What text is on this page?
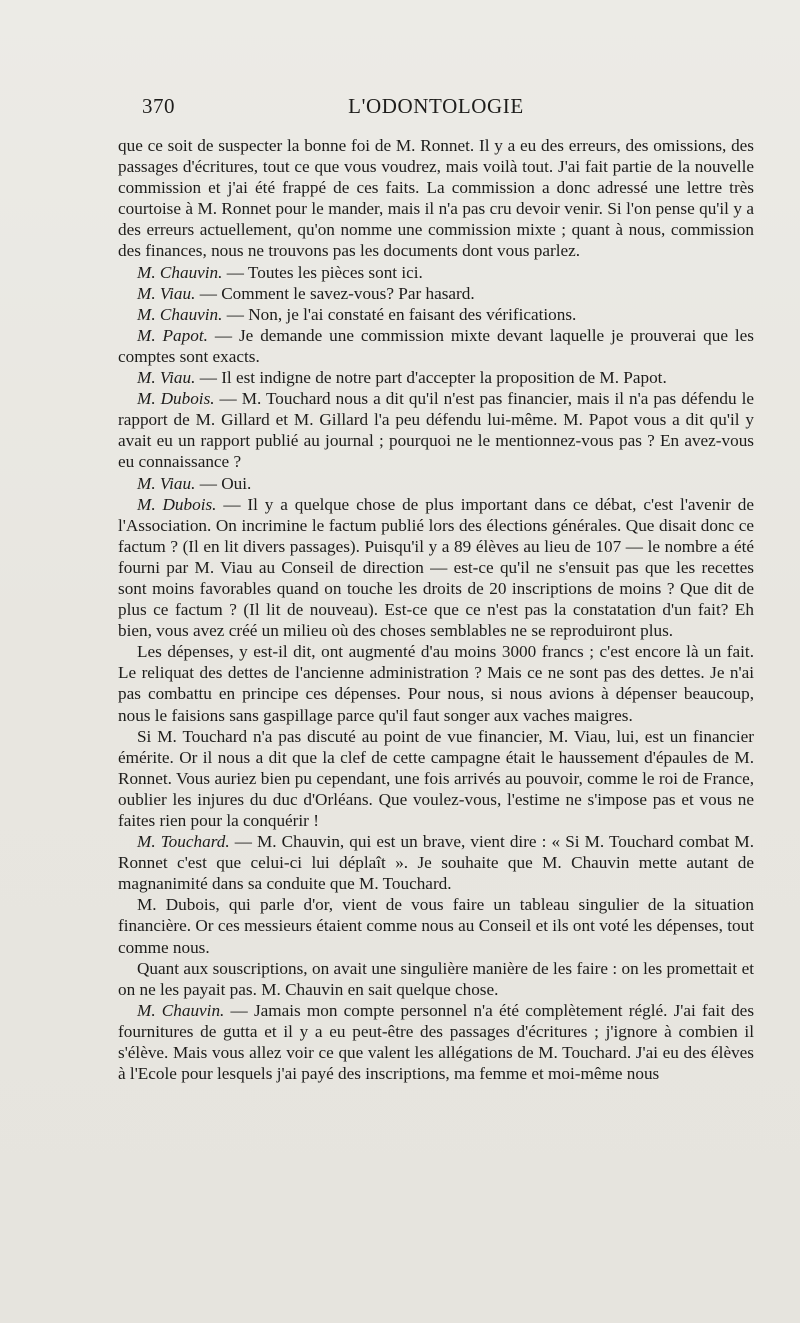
370	L'ODONTOLOGIE

que ce soit de suspecter la bonne foi de M. Ronnet. Il y a eu des erreurs, des omissions, des passages d'écritures, tout ce que vous voudrez, mais voilà tout. J'ai fait partie de la nouvelle commission et j'ai été frappé de ces faits. La commission a donc adressé une lettre très courtoise à M. Ronnet pour le mander, mais il n'a pas cru devoir venir. Si l'on pense qu'il y a des erreurs actuellement, qu'on nomme une commission mixte ; quant à nous, commission des finances, nous ne trouvons pas les documents dont vous parlez.

M. Chauvin. — Toutes les pièces sont ici.

M. Viau. — Comment le savez-vous? Par hasard.

M. Chauvin. — Non, je l'ai constaté en faisant des vérifications.

M. Papot. — Je demande une commission mixte devant laquelle je prouverai que les comptes sont exacts.

M. Viau. — Il est indigne de notre part d'accepter la proposition de M. Papot.

M. Dubois. — M. Touchard nous a dit qu'il n'est pas financier, mais il n'a pas défendu le rapport de M. Gillard et M. Gillard l'a peu défendu lui-même. M. Papot vous a dit qu'il y avait eu un rapport publié au journal ; pourquoi ne le mentionnez-vous pas ? En avez-vous eu connaissance ?

M. Viau. — Oui.

M. Dubois. — Il y a quelque chose de plus important dans ce débat, c'est l'avenir de l'Association. On incrimine le factum publié lors des élections générales. Que disait donc ce factum ? (Il en lit divers passages). Puisqu'il y a 89 élèves au lieu de 107 — le nombre a été fourni par M. Viau au Conseil de direction — est-ce qu'il ne s'ensuit pas que les recettes sont moins favorables quand on touche les droits de 20 inscriptions de moins ? Que dit de plus ce factum ? (Il lit de nouveau). Est-ce que ce n'est pas la constatation d'un fait? Eh bien, vous avez créé un milieu où des choses semblables ne se reproduiront plus.

Les dépenses, y est-il dit, ont augmenté d'au moins 3000 francs ; c'est encore là un fait. Le reliquat des dettes de l'ancienne administration ? Mais ce ne sont pas des dettes. Je n'ai pas combattu en principe ces dépenses. Pour nous, si nous avions à dépenser beaucoup, nous le faisions sans gaspillage parce qu'il faut songer aux vaches maigres.

Si M. Touchard n'a pas discuté au point de vue financier, M. Viau, lui, est un financier émérite. Or il nous a dit que la clef de cette campagne était le haussement d'épaules de M. Ronnet. Vous auriez bien pu cependant, une fois arrivés au pouvoir, comme le roi de France, oublier les injures du duc d'Orléans. Que voulez-vous, l'estime ne s'impose pas et vous ne faites rien pour la conquérir !

M. Touchard. — M. Chauvin, qui est un brave, vient dire : « Si M. Touchard combat M. Ronnet c'est que celui-ci lui déplaît ». Je souhaite que M. Chauvin mette autant de magnanimité dans sa conduite que M. Touchard.

M. Dubois, qui parle d'or, vient de vous faire un tableau singulier de la situation financière. Or ces messieurs étaient comme nous au Conseil et ils ont voté les dépenses, tout comme nous.

Quant aux souscriptions, on avait une singulière manière de les faire : on les promettait et on ne les payait pas. M. Chauvin en sait quelque chose.

M. Chauvin. — Jamais mon compte personnel n'a été complètement réglé. J'ai fait des fournitures de gutta et il y a eu peut-être des passages d'écritures ; j'ignore à combien il s'élève. Mais vous allez voir ce que valent les allégations de M. Touchard. J'ai eu des élèves à l'Ecole pour lesquels j'ai payé des inscriptions, ma femme et moi-même nous
